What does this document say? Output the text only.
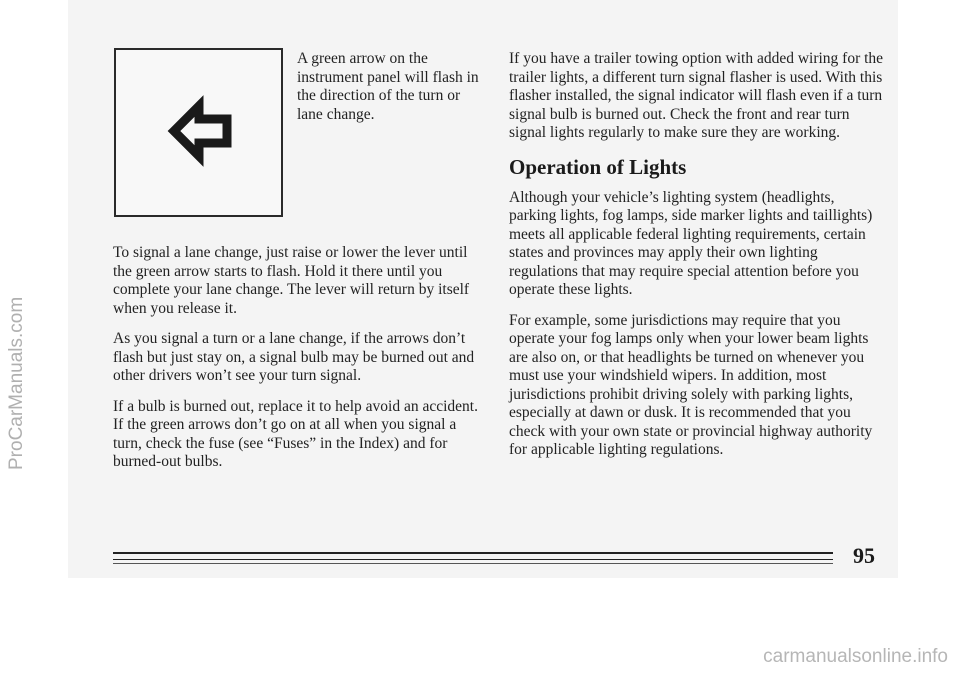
A green arrow on the instrument panel will flash in the direction of the turn or lane change.

To signal a lane change, just raise or lower the lever until the green arrow starts to flash. Hold it there until you complete your lane change. The lever will return by itself when you release it.

As you signal a turn or a lane change, if the arrows don’t flash but just stay on, a signal bulb may be burned out and other drivers won’t see your turn signal.

If a bulb is burned out, replace it to help avoid an accident. If the green arrows don’t go on at all when you signal a turn, check the fuse (see “Fuses” in the Index) and for burned-out bulbs.

If you have a trailer towing option with added wiring for the trailer lights, a different turn signal flasher is used. With this flasher installed, the signal indicator will flash even if a turn signal bulb is burned out. Check the front and rear turn signal lights regularly to make sure they are working.

Operation of Lights

Although your vehicle’s lighting system (headlights, parking lights, fog lamps, side marker lights and taillights) meets all applicable federal lighting requirements, certain states and provinces may apply their own lighting regulations that may require special attention before you operate these lights.

For example, some jurisdictions may require that you operate your fog lamps only when your lower beam lights are also on, or that headlights be turned on whenever you must use your windshield wipers. In addition, most jurisdictions prohibit driving solely with parking lights, especially at dawn or dusk. It is recommended that you check with your own state or provincial highway authority for applicable lighting regulations.

ProCarManuals.com
95
carmanualsonline.info
